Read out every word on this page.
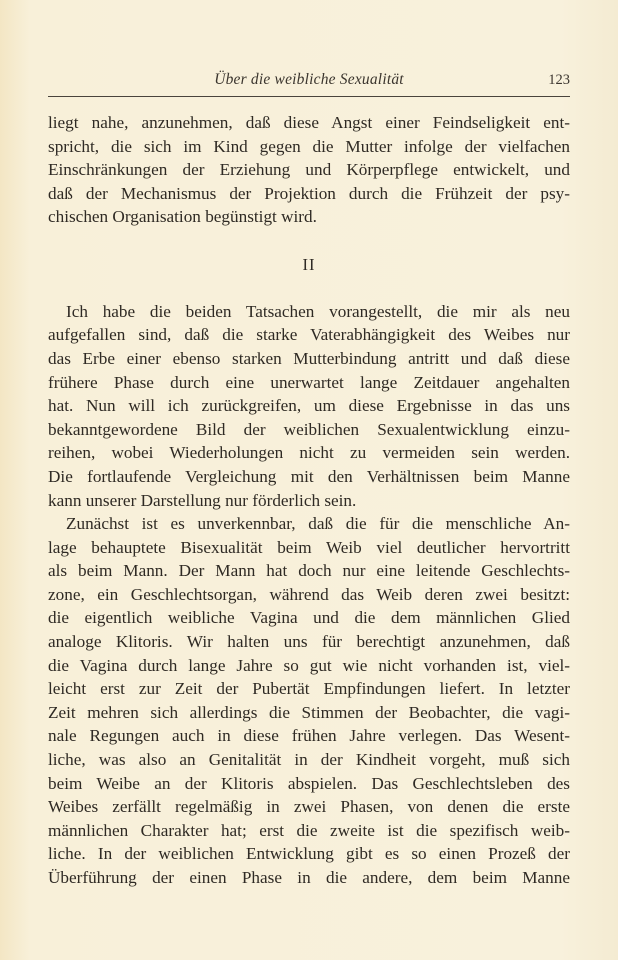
Über die weibliche Sexualität	123
liegt nahe, anzunehmen, daß diese Angst einer Feindseligkeit ent-
spricht, die sich im Kind gegen die Mutter infolge der vielfachen
Einschränkungen der Erziehung und Körperpflege entwickelt, und
daß der Mechanismus der Projektion durch die Frühzeit der psy-
chischen Organisation begünstigt wird.
II
Ich habe die beiden Tatsachen vorangestellt, die mir als neu
aufgefallen sind, daß die starke Vaterabhängigkeit des Weibes nur
das Erbe einer ebenso starken Mutterbindung antritt und daß diese
frühere Phase durch eine unerwartet lange Zeitdauer angehalten
hat. Nun will ich zurückgreifen, um diese Ergebnisse in das uns
bekanntgewordene Bild der weiblichen Sexualentwicklung einzu-
reihen, wobei Wiederholungen nicht zu vermeiden sein werden.
Die fortlaufende Vergleichung mit den Verhältnissen beim Manne
kann unserer Darstellung nur förderlich sein.
Zunächst ist es unverkennbar, daß die für die menschliche An-
lage behauptete Bisexualität beim Weib viel deutlicher hervortritt
als beim Mann. Der Mann hat doch nur eine leitende Geschlechts-
zone, ein Geschlechtsorgan, während das Weib deren zwei besitzt:
die eigentlich weibliche Vagina und die dem männlichen Glied
analoge Klitoris. Wir halten uns für berechtigt anzunehmen, daß
die Vagina durch lange Jahre so gut wie nicht vorhanden ist, viel-
leicht erst zur Zeit der Pubertät Empfindungen liefert. In letzter
Zeit mehren sich allerdings die Stimmen der Beobachter, die vagi-
nale Regungen auch in diese frühen Jahre verlegen. Das Wesent-
liche, was also an Genitalität in der Kindheit vorgeht, muß sich
beim Weibe an der Klitoris abspielen. Das Geschlechtsleben des
Weibes zerfällt regelmäßig in zwei Phasen, von denen die erste
männlichen Charakter hat; erst die zweite ist die spezifisch weib-
liche. In der weiblichen Entwicklung gibt es so einen Prozeß der
Überführung der einen Phase in die andere, dem beim Manne
